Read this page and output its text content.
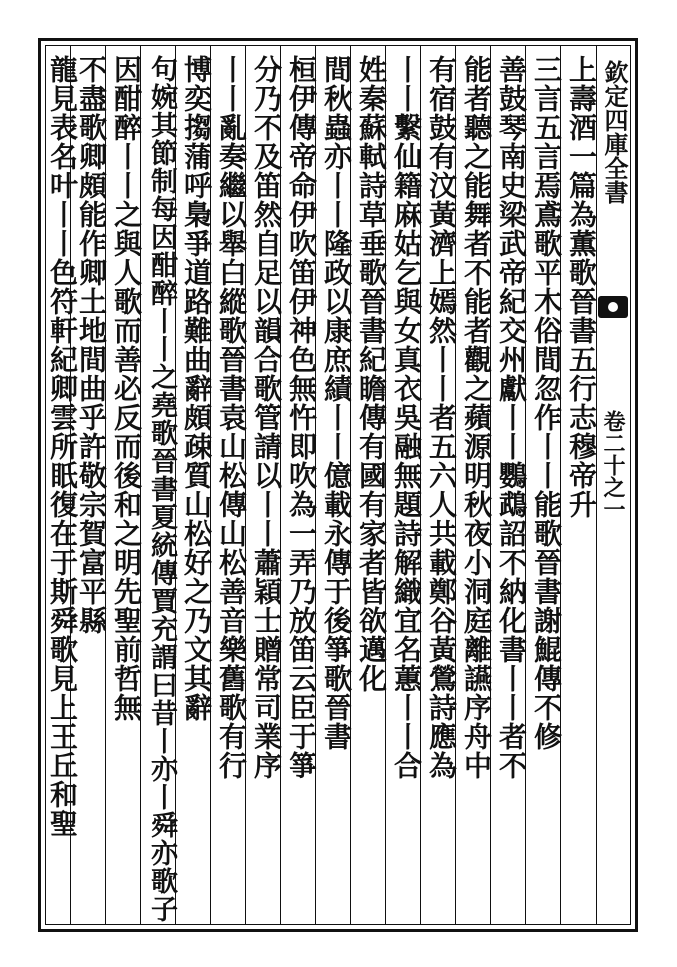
欽定四庫全書
卷二十之一
上壽酒一篇為薫歌晉書五行志穆帝升
三言五言焉鳶歌平木俗間忽作丨丨能歌晉書謝鯤傳不修
善鼓琴南史梁武帝紀交州獻丨丨鸚鵡詔不納化書丨丨者不
能者聽之能舞者不能者觀之蘋源明秋夜小洞庭離讌序舟中
有宿鼓有汶黃濟上嫣然丨丨者五六人共載鄭谷黃鶯詩應為
丨丨繫仙籍麻姑乞與女真衣吳融無題詩解織宜名蕙丨丨合
姓秦蘇軾詩草垂歌晉書紀瞻傳有國有家者皆欲邁化
間秋蟲亦丨丨隆政以康庶績丨丨億載永傳于後箏歌晉書
桓伊傳帝命伊吹笛伊神色無忤即吹為一弄乃放笛云臣于箏
分乃不及笛然自足以韻合歌管請以丨丨蕭穎士贈常司業序
丨丨亂奏繼以舉白縱歌晉書袁山松傳山松善音樂舊歌有行
博奕搊蒲呼梟爭道路難曲辭頗疎質山松好之乃文其辭
句婉其節制每因酣醉丨丨之堯歌晉書夏統傳賈充謂曰昔丨亦丨舜亦歌子
因酣醉丨丨之與人歌而善必反而後和之明先聖前哲無
不盡歌卿頗能作卿土地間曲乎許敬宗賀富平縣
龍見表名叶丨丨色符軒紀卿雲所眂復在于斯舜歌見上王丘和聖
